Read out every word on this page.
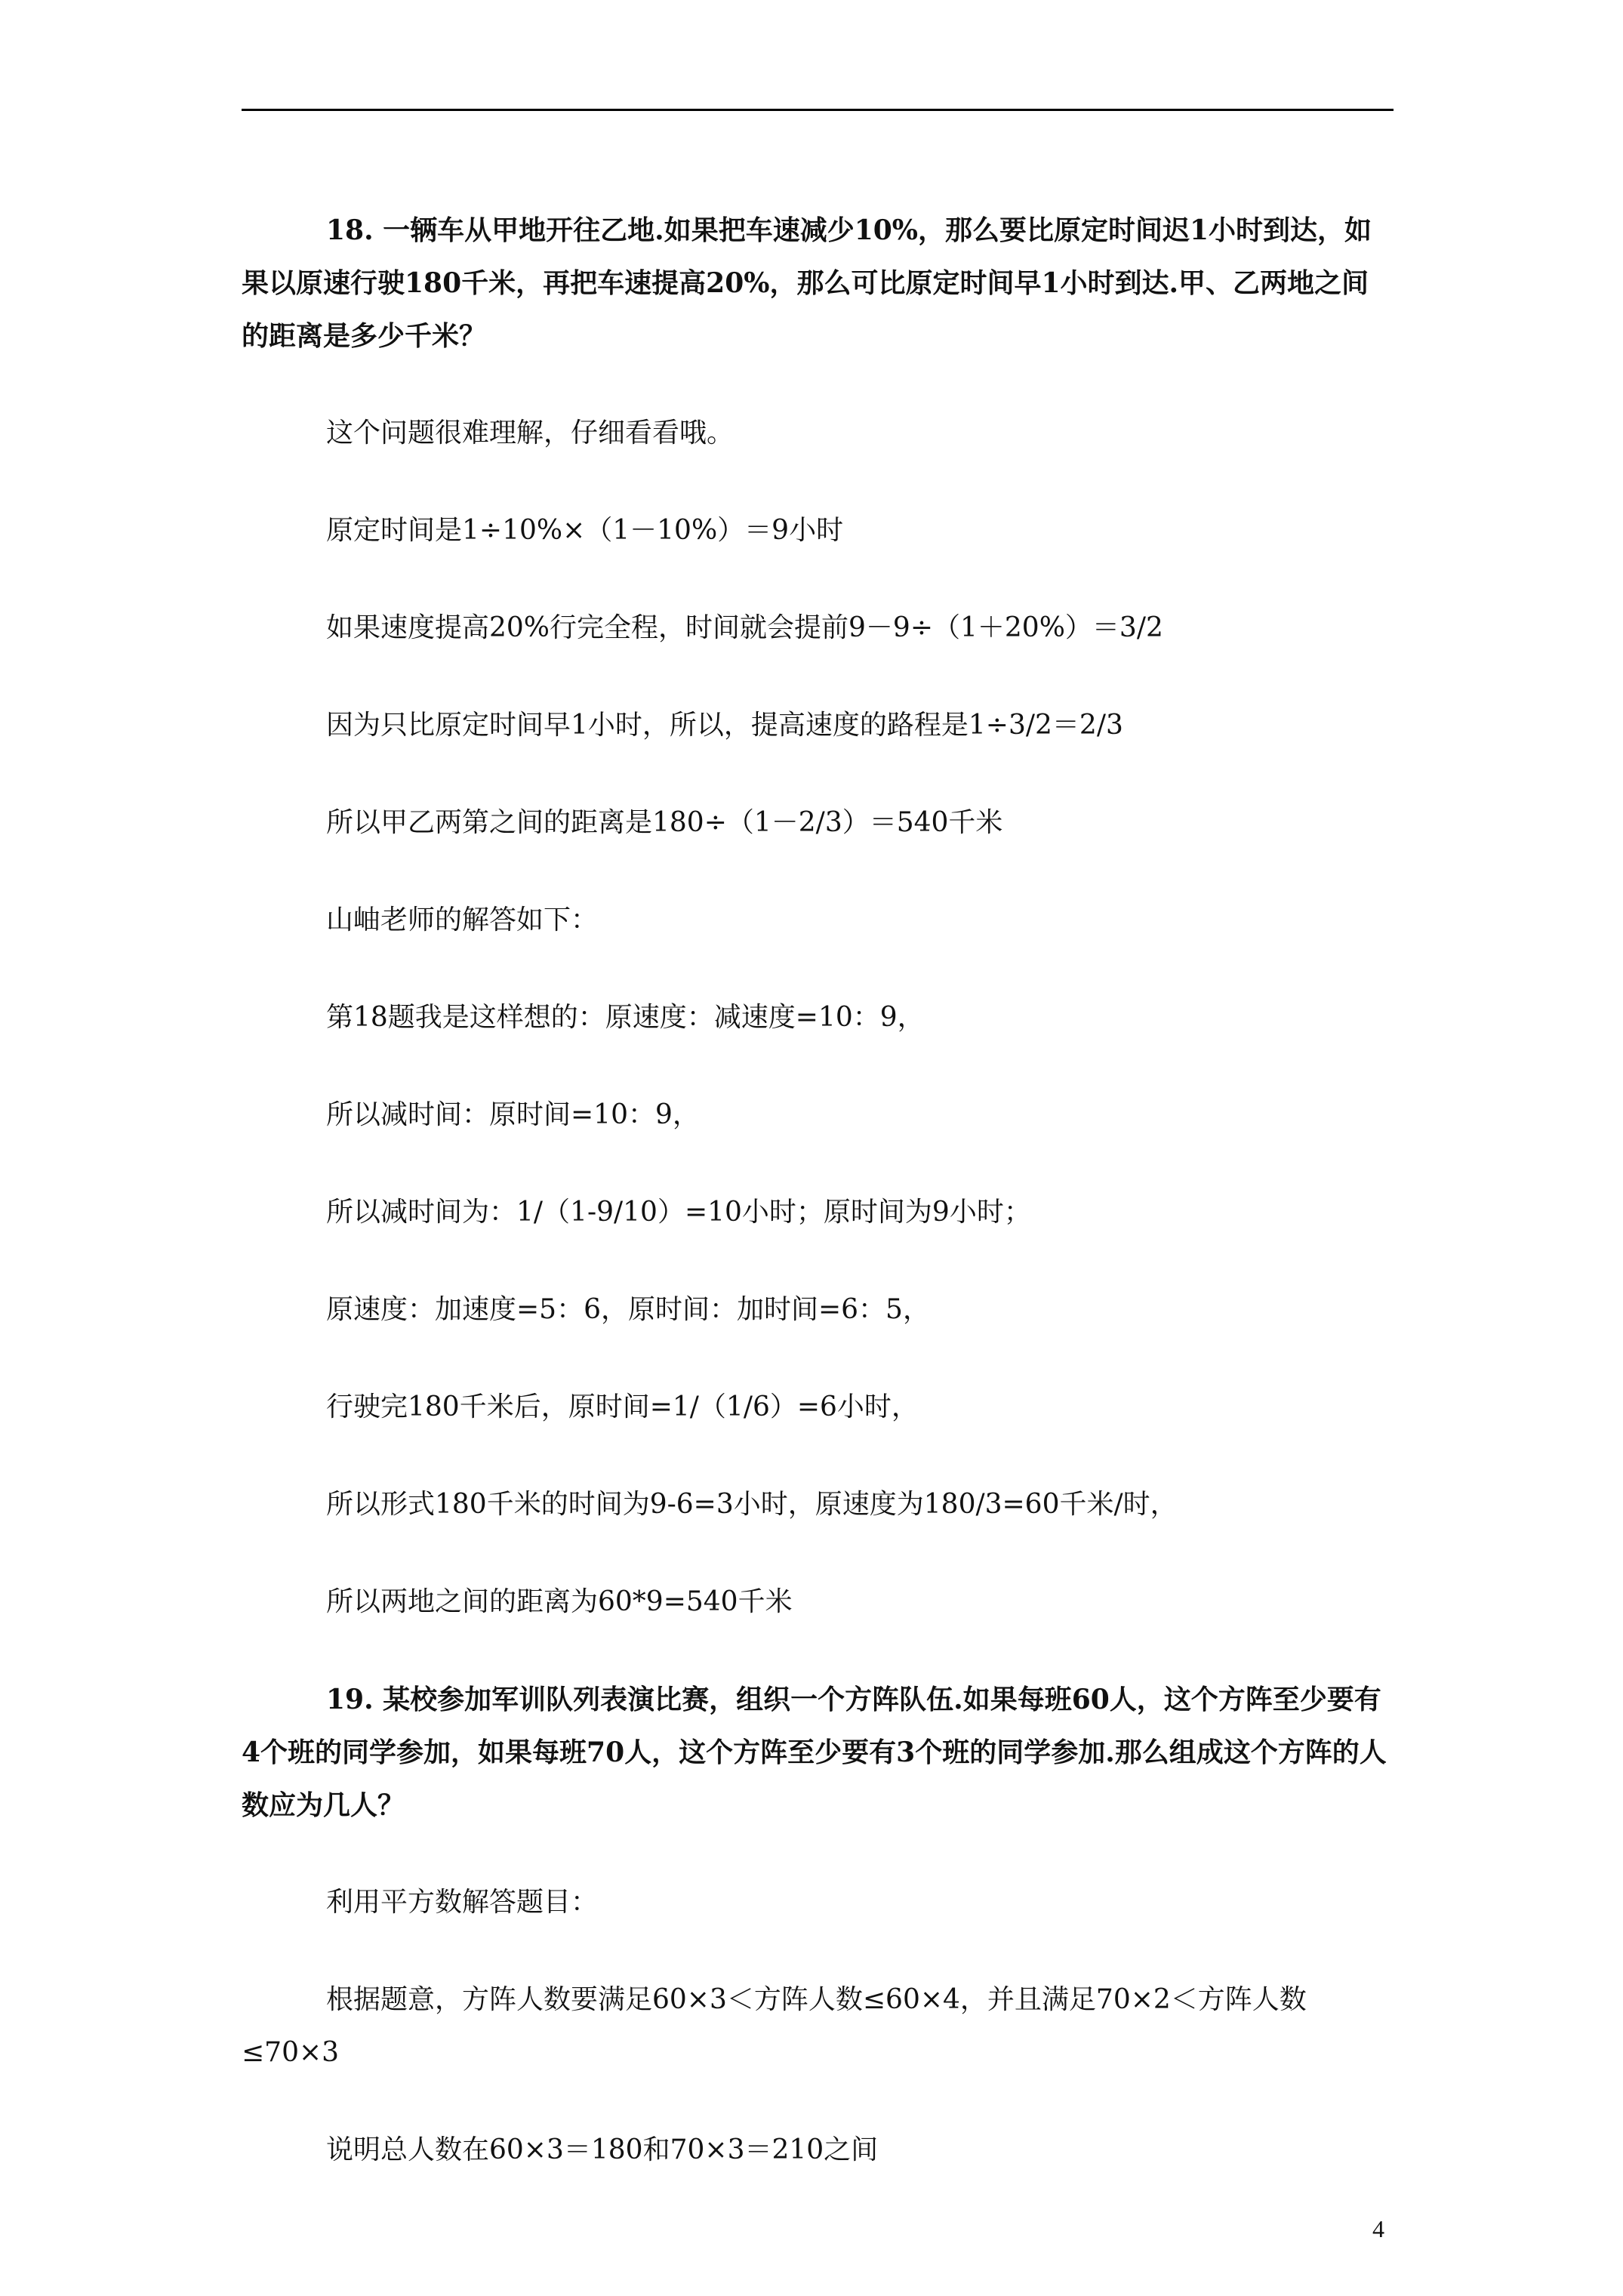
18. 一辆车从甲地开往乙地.如果把车速减少10%，那么要比原定时间迟1小时到达，如果以原速行驶180千米，再把车速提高20%，那么可比原定时间早1小时到达.甲、乙两地之间的距离是多少千米？

这个问题很难理解，仔细看看哦。

原定时间是1÷10%×（1－10%）＝9小时

如果速度提高20%行完全程，时间就会提前9－9÷（1＋20%）＝3/2

因为只比原定时间早1小时，所以，提高速度的路程是1÷3/2＝2/3

所以甲乙两第之间的距离是180÷（1－2/3）＝540千米

山岫老师的解答如下：

第18题我是这样想的：原速度：减速度=10：9，

所以减时间：原时间=10：9，

所以减时间为：1/（1-9/10）=10小时；原时间为9小时；

原速度：加速度=5：6，原时间：加时间=6：5，

行驶完180千米后，原时间=1/（1/6）=6小时，

所以形式180千米的时间为9-6=3小时，原速度为180/3=60千米/时，

所以两地之间的距离为60*9=540千米

19. 某校参加军训队列表演比赛，组织一个方阵队伍.如果每班60人，这个方阵至少要有4个班的同学参加，如果每班70人，这个方阵至少要有3个班的同学参加.那么组成这个方阵的人数应为几人？

利用平方数解答题目：

根据题意，方阵人数要满足60×3＜方阵人数≤60×4，并且满足70×2＜方阵人数≤70×3

说明总人数在60×3＝180和70×3＝210之间

4
